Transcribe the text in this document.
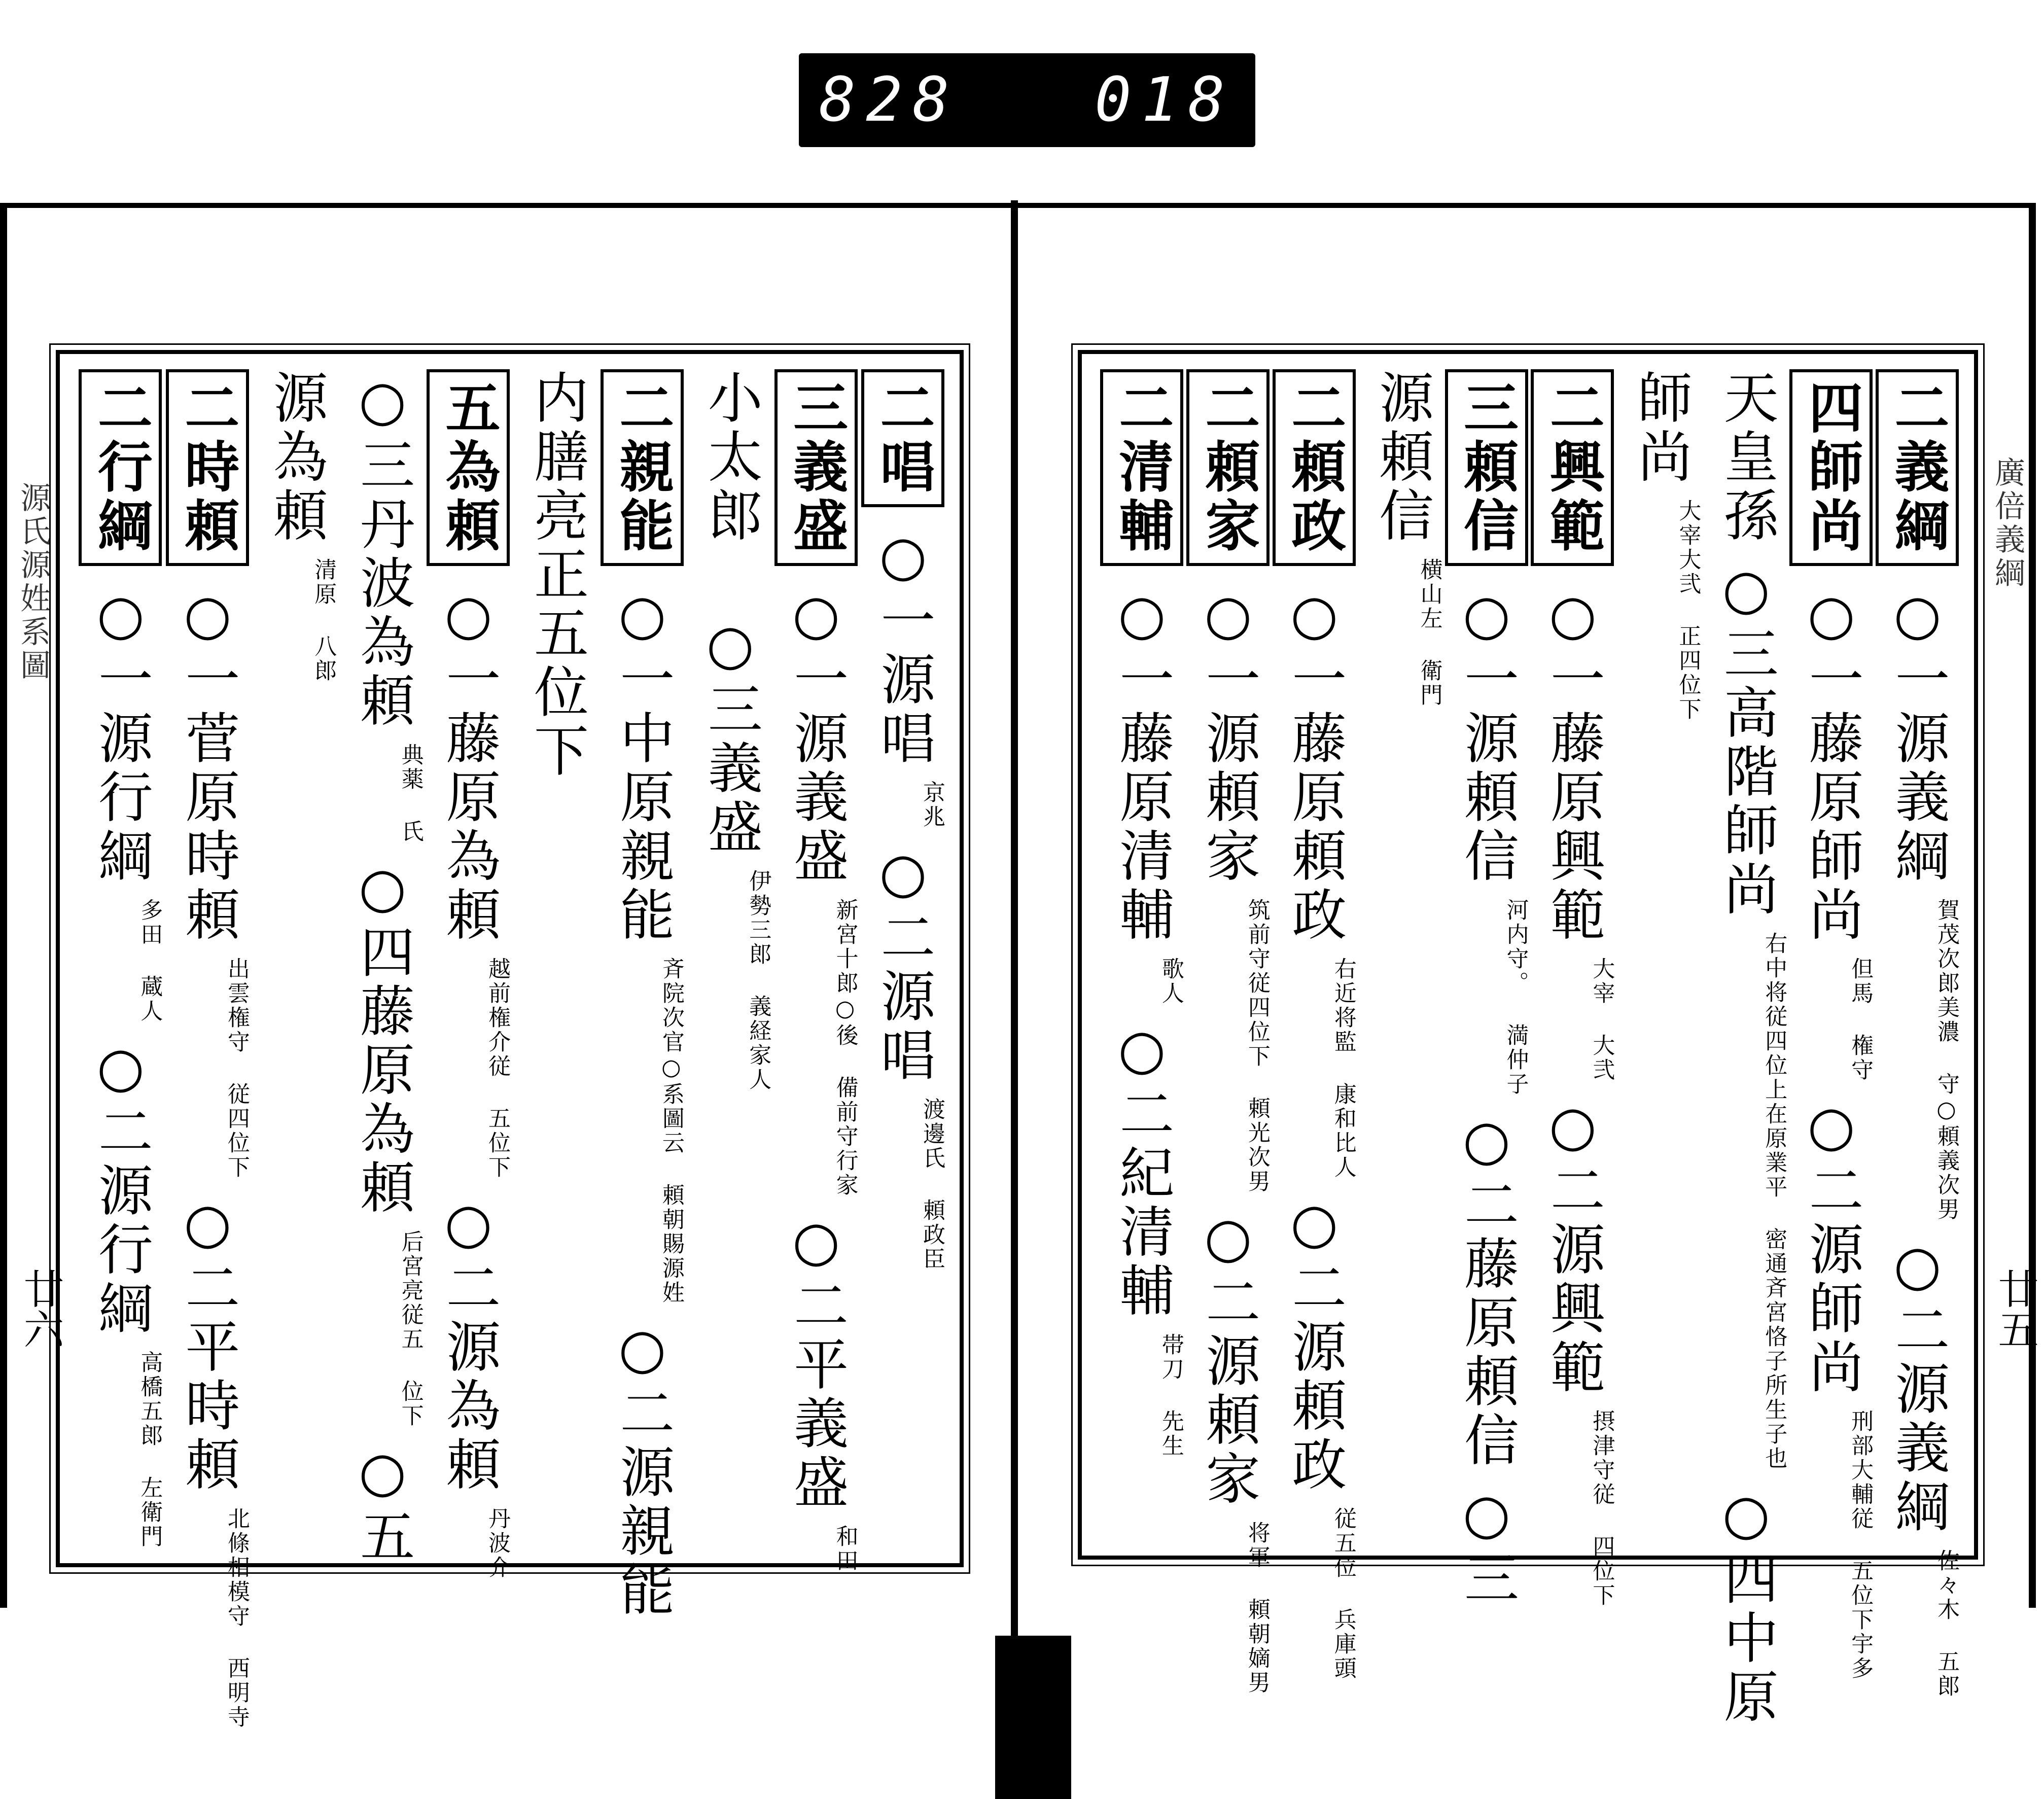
828 018
源氏源姓系圖	廣倍義綱
廿六	廿五
二唱○一源唱京兆○二源唱渡邊氏 頼政臣
三義盛○一源義盛新宮十郎○後 備前守行家○二平義盛和田
小太郎 ○三義盛伊勢三郎 義経家人
二親能○一中原親能斉院次官○系圖云 頼朝賜源姓○二源親能
内膳亮正五位下
五為頼○一藤原為頼越前権介従 五位下○二源為頼丹波介
○三丹波為頼典薬 氏○四藤原為頼后宮亮従五 位下○五
源為頼清原 八郎
二時頼○一菅原時頼出雲権守 従四位下○二平時頼北條相模守 西明寺
二行綱○一源行綱多田 蔵人○二源行綱高橋五郎 左衛門
二義綱○一源義綱賀茂次郎美濃 守○頼義次男○二源義綱佐々木 五郎
四師尚○一藤原師尚但馬 権守○二源師尚刑部大輔従 五位下宇多
天皇孫○三高階師尚右中将従四位上在原業平 密通斉宮恪子所生子也○四中原
師尚大宰大弐 正四位下
二興範○一藤原興範大宰 大弐○二源興範摂津守従 四位下
三頼信○一源頼信河内守。 満仲子○二藤原頼信○三
源頼信横山左 衛門
二頼政○一藤原頼政右近将監 康和比人○二源頼政従五位 兵庫頭
二頼家○一源頼家筑前守従四位下 頼光次男○二源頼家将軍 頼朝嫡男
二清輔○一藤原清輔歌人○二紀清輔帯刀 先生
